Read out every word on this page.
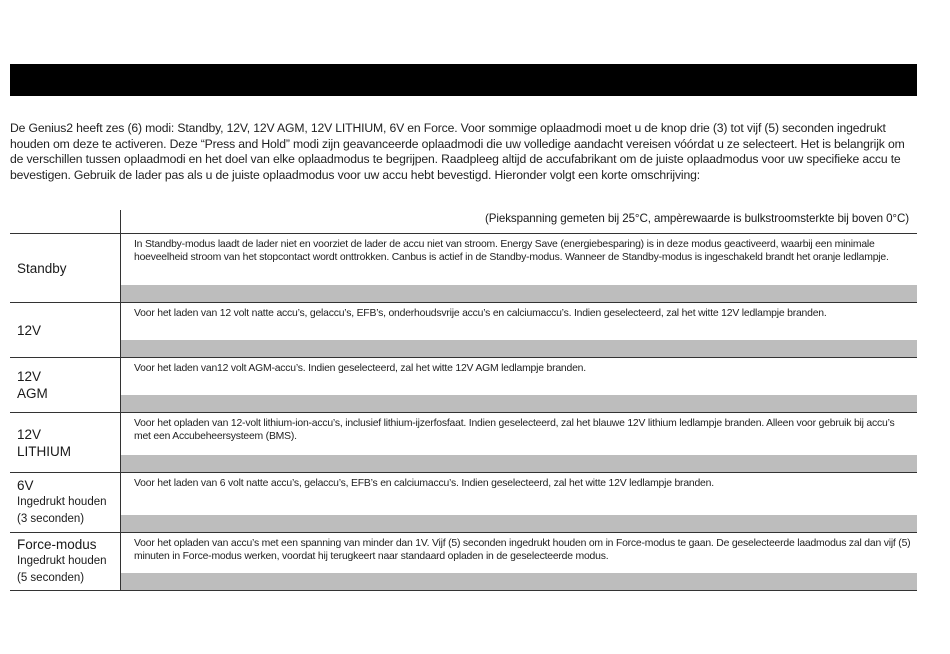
De Genius2 heeft zes (6) modi: Standby, 12V, 12V AGM, 12V LITHIUM, 6V en Force. Voor sommige oplaadmodi moet u de knop drie (3) tot vijf (5) seconden ingedrukt houden om deze te activeren. Deze “Press and Hold” modi zijn geavanceerde oplaadmodi die uw volledige aandacht vereisen vóórdat u ze selecteert. Het is belangrijk om de verschillen tussen oplaadmodi en het doel van elke oplaadmodus te begrijpen. Raadpleeg altijd de accufabrikant om de juiste oplaadmodus voor uw specifieke accu te bevestigen. Gebruik de lader pas als u de juiste oplaadmodus voor uw accu hebt bevestigd. Hieronder volgt een korte omschrijving:

(Piekspanning gemeten bij 25°C, ampèrewaarde is bulkstroomsterkte bij boven 0°C)
Standby
In Standby-modus laadt de lader niet en voorziet de lader de accu niet van stroom. Energy Save (energiebesparing) is in deze modus geactiveerd, waarbij een minimale hoeveelheid stroom van het stopcontact wordt onttrokken. Canbus is actief in de Standby-modus. Wanneer de Standby-modus is ingeschakeld brandt het oranje ledlampje.
12V
Voor het laden van 12 volt natte accu’s, gelaccu’s, EFB’s, onderhoudsvrije accu’s en calciumaccu’s. Indien geselecteerd, zal het witte 12V ledlampje branden.
12V
AGM
Voor het laden van12 volt AGM-accu’s. Indien geselecteerd, zal het witte 12V AGM ledlampje branden.
12V
LITHIUM
Voor het opladen van 12-volt lithium-ion-accu’s, inclusief lithium-ijzerfosfaat. Indien geselecteerd, zal het blauwe 12V lithium ledlampje branden. Alleen voor gebruik bij accu’s met een Accubeheersysteem (BMS).
6V
Ingedrukt houden
(3 seconden)
Voor het laden van 6 volt natte accu’s, gelaccu’s, EFB’s en calciumaccu’s. Indien geselecteerd, zal het witte 12V ledlampje branden.
Force-modus
Ingedrukt houden
(5 seconden)
Voor het opladen van accu’s met een spanning van minder dan 1V. Vijf (5) seconden ingedrukt houden om in Force-modus te gaan. De geselecteerde laadmodus zal dan vijf (5) minuten in Force-modus werken, voordat hij terugkeert naar standaard opladen in de geselecteerde modus.
